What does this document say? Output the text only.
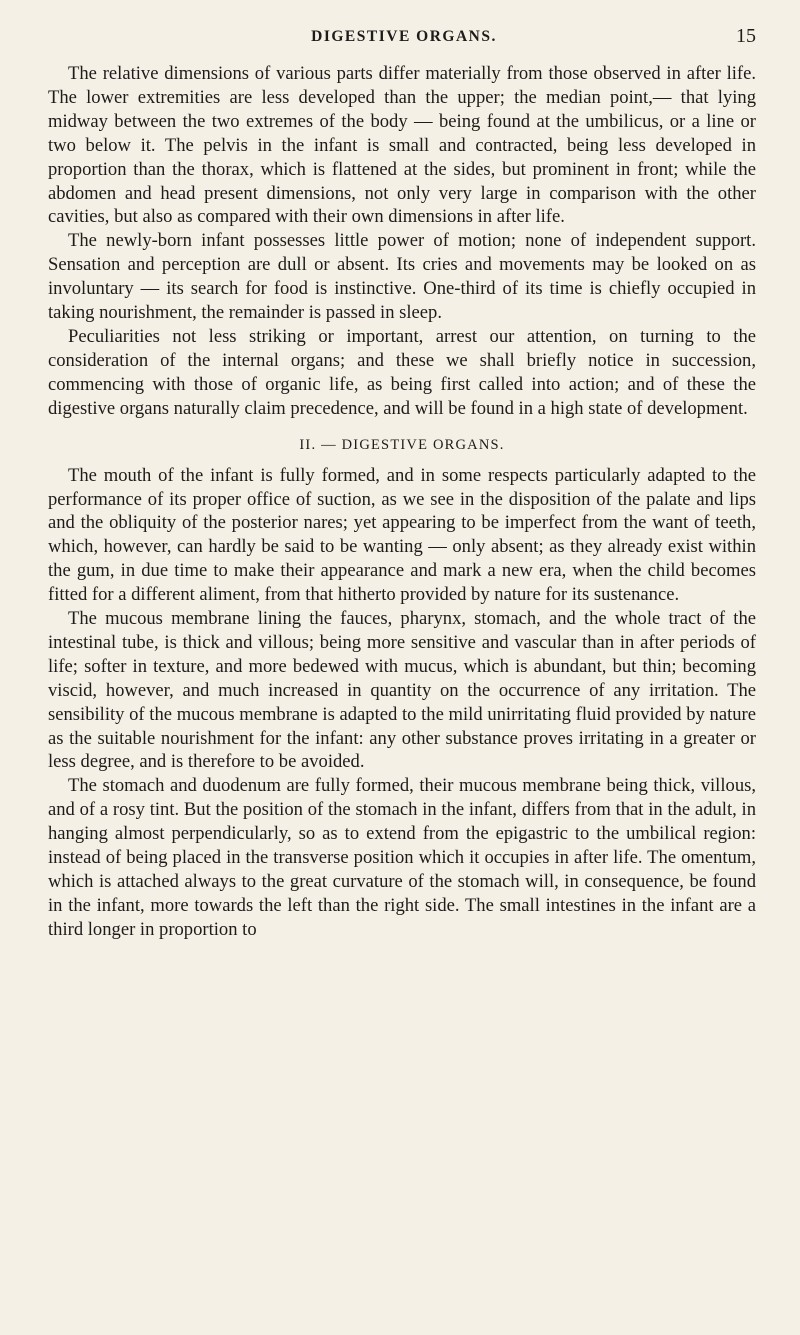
DIGESTIVE ORGANS.	15

The relative dimensions of various parts differ materially from those observed in after life. The lower extremities are less developed than the upper; the median point,— that lying midway between the two extremes of the body — being found at the umbilicus, or a line or two below it. The pelvis in the infant is small and contracted, being less developed in proportion than the thorax, which is flattened at the sides, but prominent in front; while the abdomen and head present dimensions, not only very large in comparison with the other cavities, but also as compared with their own dimensions in after life.

The newly-born infant possesses little power of motion; none of independent support. Sensation and perception are dull or absent. Its cries and movements may be looked on as involuntary — its search for food is instinctive. One-third of its time is chiefly occupied in taking nourishment, the remainder is passed in sleep.

Peculiarities not less striking or important, arrest our attention, on turning to the consideration of the internal organs; and these we shall briefly notice in succession, commencing with those of organic life, as being first called into action; and of these the digestive organs naturally claim precedence, and will be found in a high state of development.

II. — DIGESTIVE ORGANS.

The mouth of the infant is fully formed, and in some respects particularly adapted to the performance of its proper office of suction, as we see in the disposition of the palate and lips and the obliquity of the posterior nares; yet appearing to be imperfect from the want of teeth, which, however, can hardly be said to be wanting — only absent; as they already exist within the gum, in due time to make their appearance and mark a new era, when the child becomes fitted for a different aliment, from that hitherto provided by nature for its sustenance.

The mucous membrane lining the fauces, pharynx, stomach, and the whole tract of the intestinal tube, is thick and villous; being more sensitive and vascular than in after periods of life; softer in texture, and more bedewed with mucus, which is abundant, but thin; becoming viscid, however, and much increased in quantity on the occurrence of any irritation. The sensibility of the mucous membrane is adapted to the mild unirritating fluid provided by nature as the suitable nourishment for the infant: any other substance proves irritating in a greater or less degree, and is therefore to be avoided.

The stomach and duodenum are fully formed, their mucous membrane being thick, villous, and of a rosy tint. But the position of the stomach in the infant, differs from that in the adult, in hanging almost perpendicularly, so as to extend from the epigastric to the umbilical region: instead of being placed in the transverse position which it occupies in after life. The omentum, which is attached always to the great curvature of the stomach will, in consequence, be found in the infant, more towards the left than the right side. The small intestines in the infant are a third longer in proportion to
